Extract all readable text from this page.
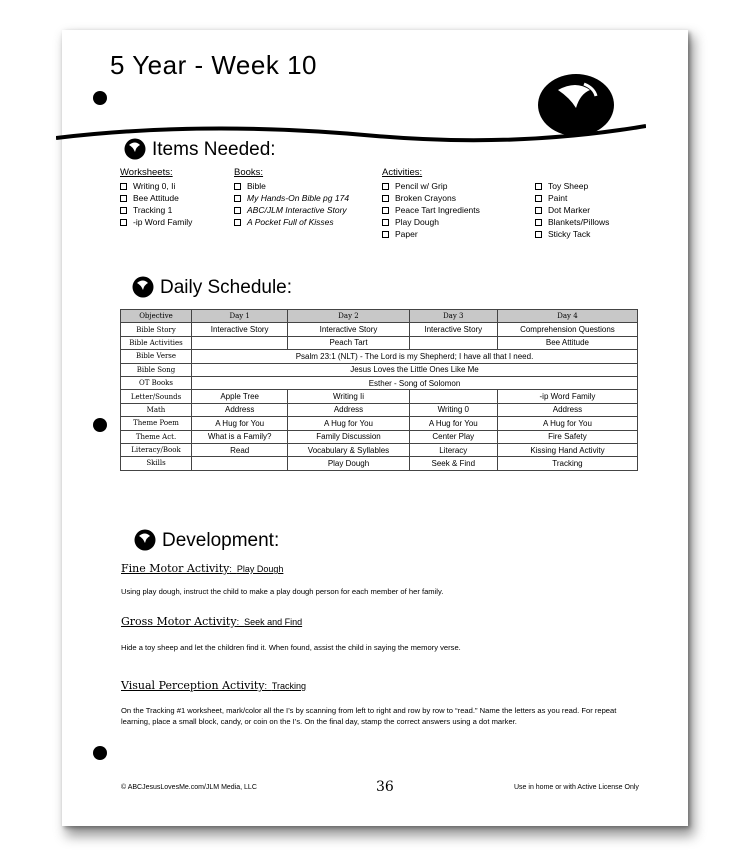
5 Year - Week 10
Items Needed:
Worksheets:
Writing 0, Ii
Bee Attitude
Tracking 1
-ip Word Family
Books:
Bible
My Hands-On Bible pg 174
ABC/JLM Interactive Story
A Pocket Full of Kisses
Activities:
Pencil w/ Grip
Broken Crayons
Peace Tart Ingredients
Play Dough
Paper
Toy Sheep
Paint
Dot Marker
Blankets/Pillows
Sticky Tack
Daily Schedule:
Objective	Day 1	Day 2	Day 3	Day 4
Bible Story	Interactive Story	Interactive Story	Interactive Story	Comprehension Questions
Bible Activities		Peach Tart		Bee Attitude
Bible Verse	Psalm 23:1 (NLT) - The Lord is my Shepherd; I have all that I need.			
Bible Song	Jesus Loves the Little Ones Like Me			
OT Books	Esther - Song of Solomon			
Letter/Sounds	Apple Tree	Writing Ii		-ip Word Family
Math	Address	Address	Writing 0	Address
Theme Poem	A Hug for You	A Hug for You	A Hug for You	A Hug for You
Theme Act.	What is a Family?	Family Discussion	Center Play	Fire Safety
Literacy/Book	Read	Vocabulary & Syllables	Literacy	Kissing Hand Activity
Skills		Play Dough	Seek & Find	Tracking
Development:
Fine Motor Activity:  Play Dough
Using play dough, instruct the child to make a play dough person for each member of her family.
Gross Motor Activity:  Seek and Find
Hide a toy sheep and let the children find it. When found, assist the child in saying the memory verse.
Visual Perception Activity:  Tracking
On the Tracking #1 worksheet, mark/color all the I’s by scanning from left to right and row by row to “read.” Name the letters as you read. For repeat learning, place a small block, candy, or coin on the I’s. On the final day, stamp the correct answers using a dot marker.
© ABCJesusLovesMe.com/JLM Media, LLC	36	Use in home or with Active License Only
